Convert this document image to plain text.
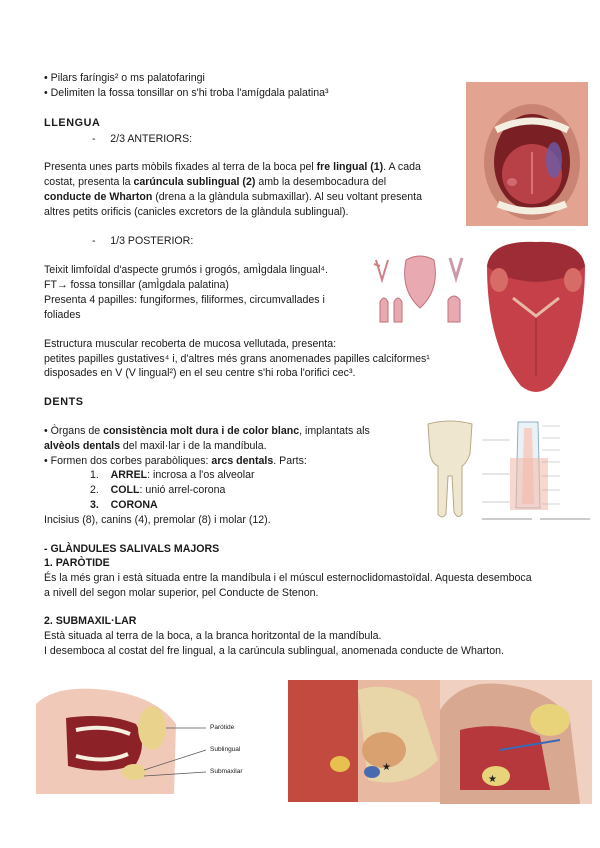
• Pilars faríngis² o ms palatofaringi
• Delimiten la fossa tonsillar on s'hi troba l'amígdala palatina³
LLENGUA
-     2/3 ANTERIORS:
Presenta unes parts mòbils fixades al terra de la boca pel fre lingual (1). A cada
costat, presenta la carúncula sublingual (2) amb la desembocadura del
conducte de Wharton (drena a la glàndula submaxillar). Al seu voltant presenta
altres petits orificis (canicles excretors de la glàndula sublingual).
-     1/3 POSTERIOR:
Teixit limfoïdal d'aspecte grumós i grogós, amÌgdala lingual⁴.
FT→ fossa tonsillar (amÌgdala palatina)
Presenta 4 papilles: fungiformes, filiformes, circumvallades i
foliades
Estructura muscular recoberta de mucosa vellutada, presenta:
petites papilles gustatives⁴ i, d'altres més grans anomenades papilles calciformes¹
disposades en V (V lingual²) en el seu centre s'hi roba l'orifici cec³.
DENTS
• Òrgans de consistència molt dura i de color blanc, implantats als
alvèols dentals del maxil·lar i de la mandíbula.
• Formen dos corbes parabòliques: arcs dentals. Parts:
1. ARREL: incrosa a l'os alveolar
2. COLL: unió arrel-corona
3. CORONA
Incisius (8), canins (4), premolar (8) i molar (12).
- GLÀNDULES SALIVALS MAJORS
1. PARÒTIDE
És la més gran i està situada entre la mandíbula i el múscul esternoclidomastoïdal. Aquesta desemboca
a nivell del segon molar superior, pel Conducte de Stenon.
2. SUBMAXIL·LAR
Està situada al terra de la boca, a la branca horitzontal de la mandíbula.
I desemboca al costat del fre lingual, a la carúncula sublingual, anomenada conducte de Wharton.
Parótide
Sublingual
Submaxilar	★
★
